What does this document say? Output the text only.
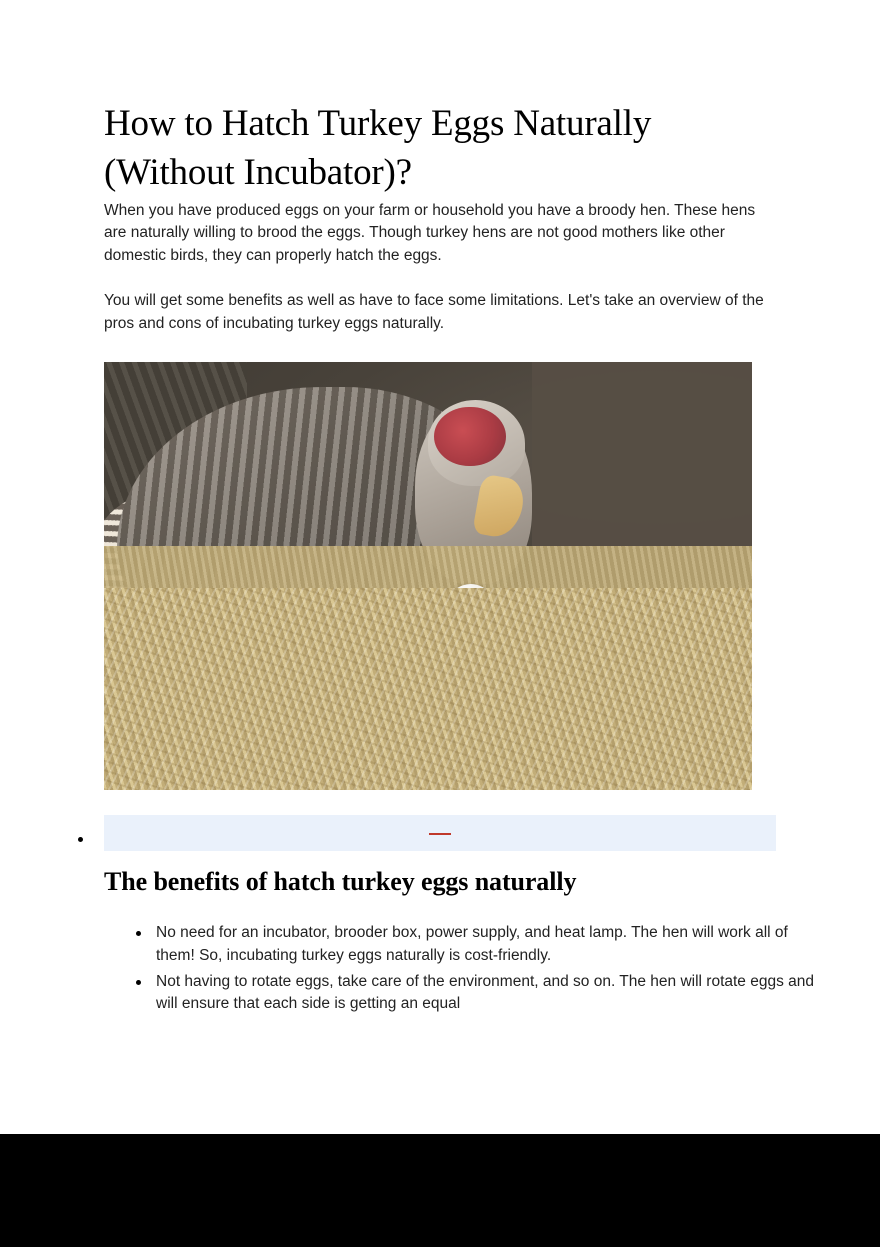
How to Hatch Turkey Eggs Naturally (Without Incubator)?

When you have produced eggs on your farm or household you have a broody hen. These hens are naturally willing to brood the eggs. Though turkey hens are not good mothers like other domestic birds, they can properly hatch the eggs.

You will get some benefits as well as have to face some limitations. Let's take an overview of the pros and cons of incubating turkey eggs naturally.

The benefits of hatch turkey eggs naturally
No need for an incubator, brooder box, power supply, and heat lamp. The hen will work all of them! So, incubating turkey eggs naturally is cost-friendly.
Not having to rotate eggs, take care of the environment, and so on. The hen will rotate eggs and will ensure that each side is getting an equal
